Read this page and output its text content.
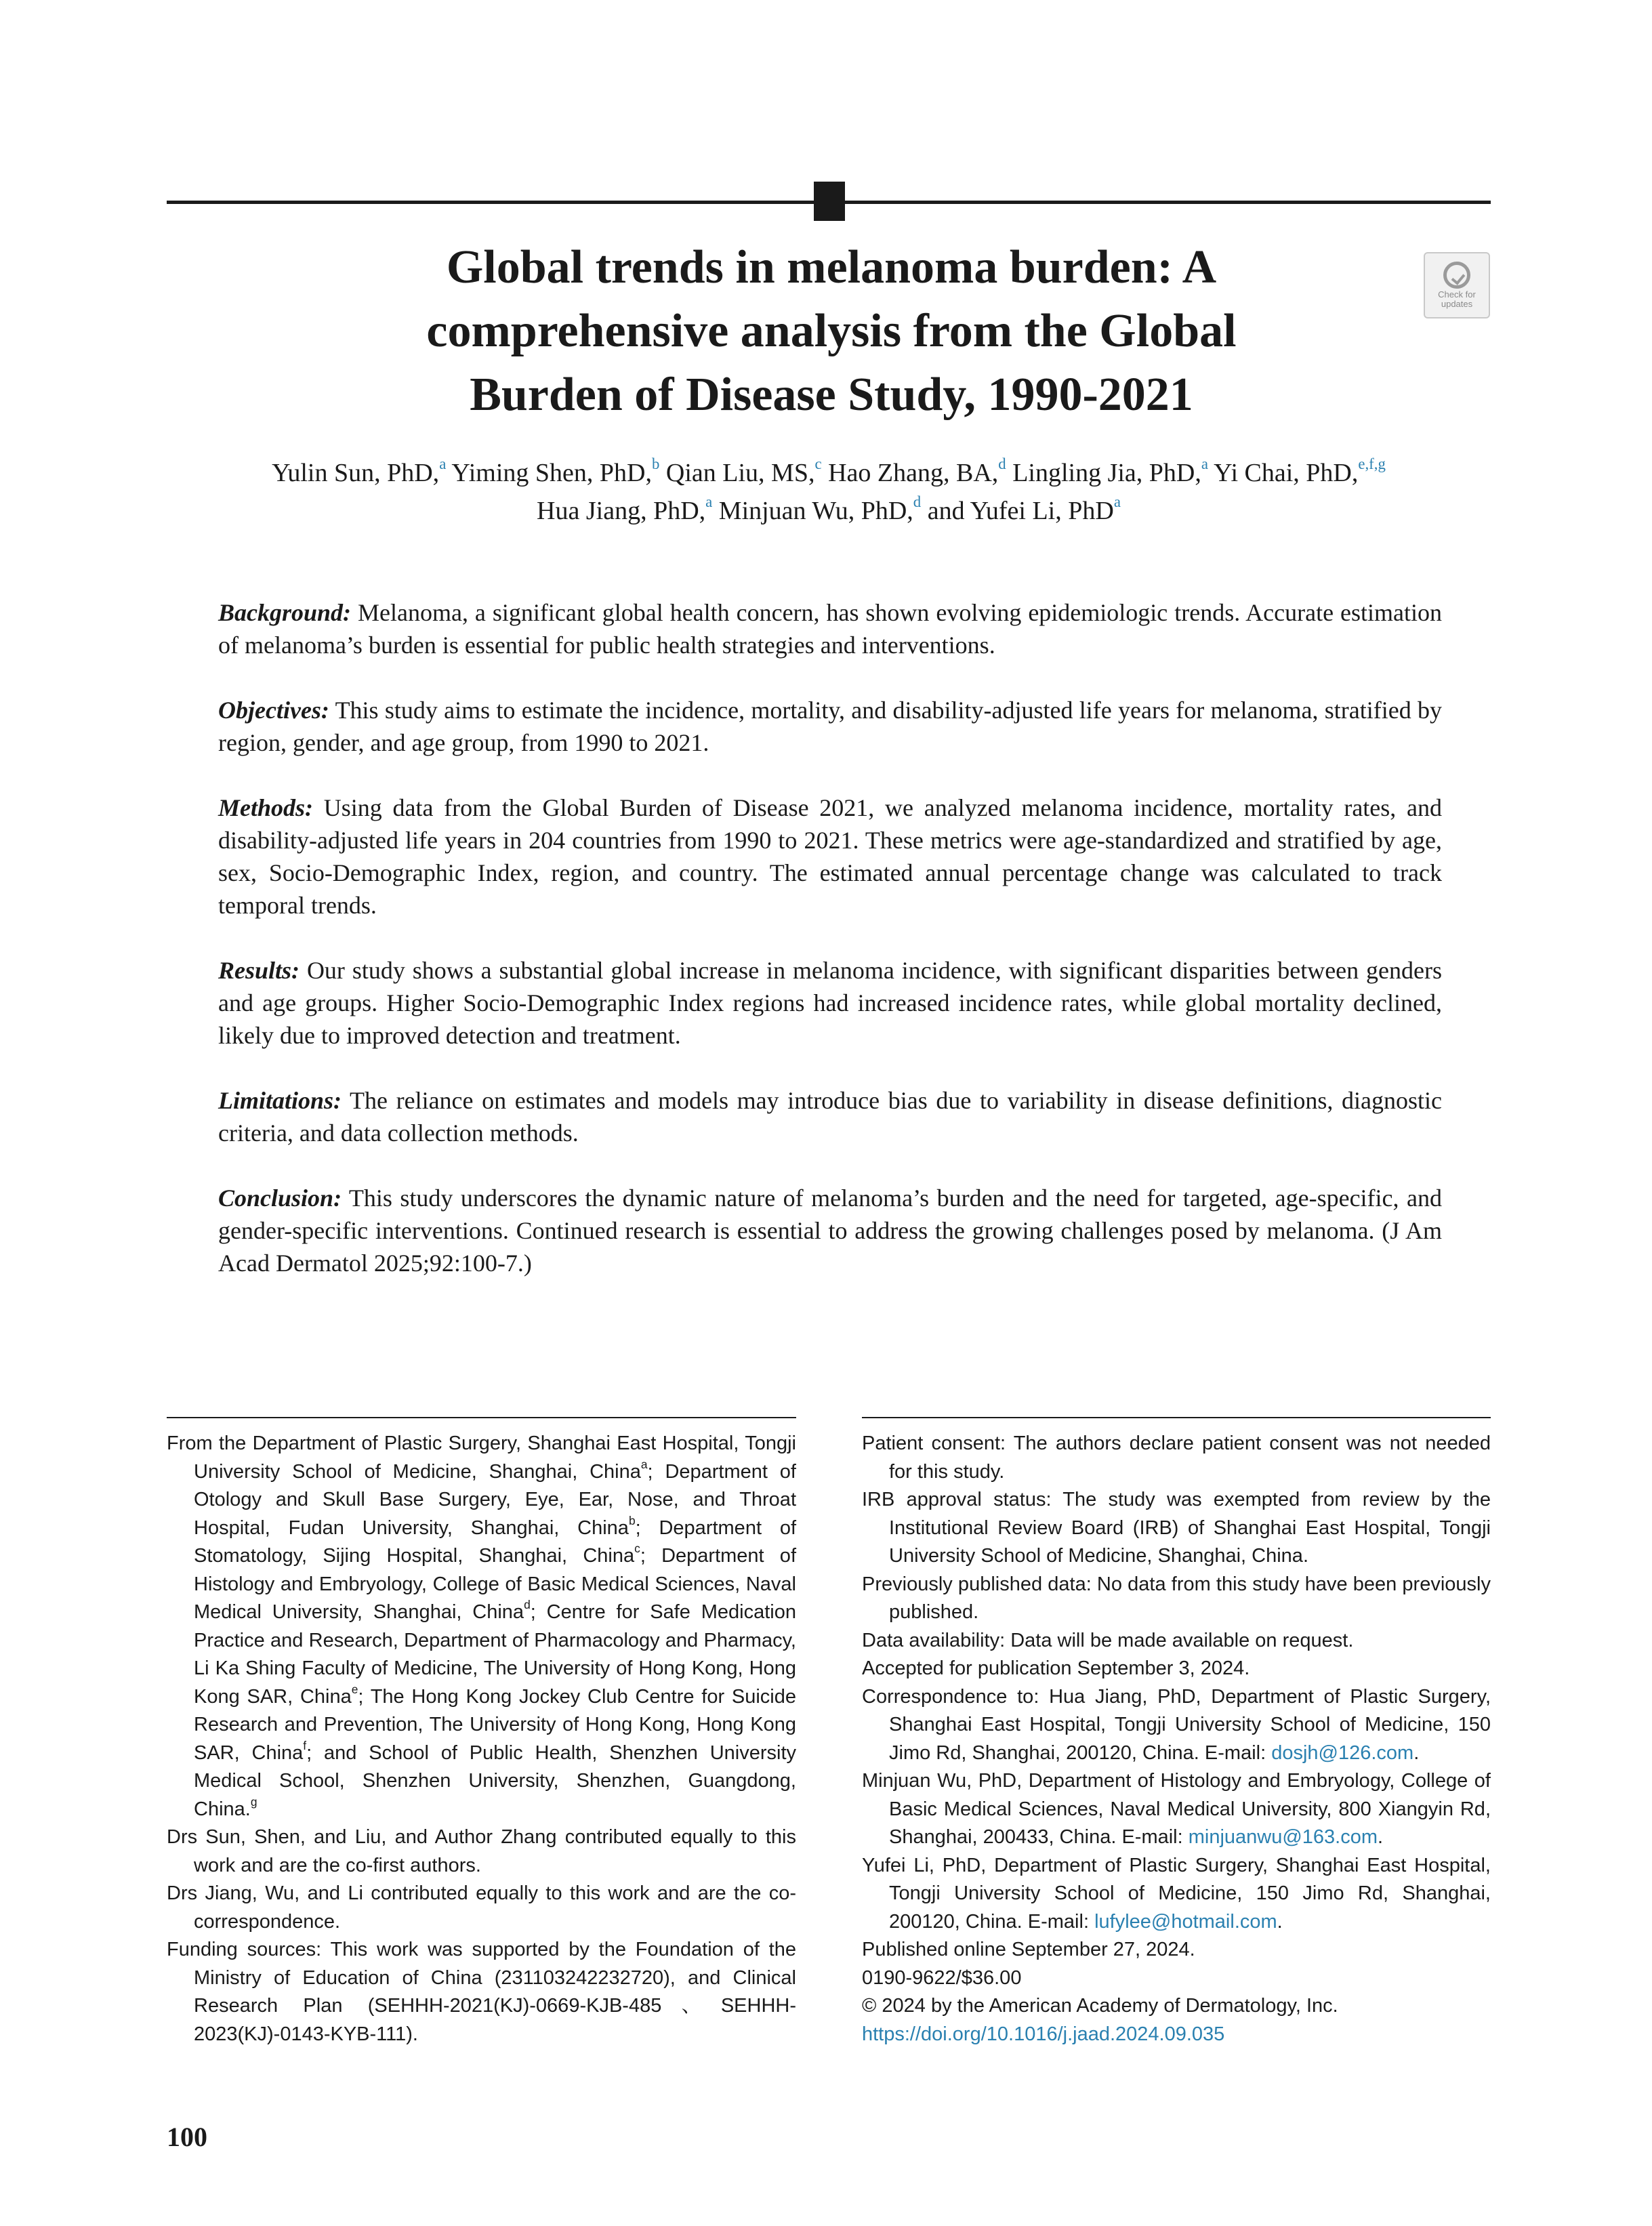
Global trends in melanoma burden: A
comprehensive analysis from the Global
Burden of Disease Study, 1990-2021
Check for
updates
Yulin Sun, PhD,$^a$ Yiming Shen, PhD,$^b$ Qian Liu, MS,$^c$ Hao Zhang, BA,$^d$ Lingling Jia, PhD,$^a$ Yi Chai, PhD,$^{e,f,g}$
Hua Jiang, PhD,$^a$ Minjuan Wu, PhD,$^d$ and Yufei Li, PhD$^a$

Background: Melanoma, a significant global health concern, has shown evolving epidemiologic trends. Accurate estimation of melanoma’s burden is essential for public health strategies and interventions.

Objectives: This study aims to estimate the incidence, mortality, and disability-adjusted life years for melanoma, stratified by region, gender, and age group, from 1990 to 2021.

Methods: Using data from the Global Burden of Disease 2021, we analyzed melanoma incidence, mortality rates, and disability-adjusted life years in 204 countries from 1990 to 2021. These metrics were age-standardized and stratified by age, sex, Socio-Demographic Index, region, and country. The estimated annual percentage change was calculated to track temporal trends.

Results: Our study shows a substantial global increase in melanoma incidence, with significant disparities between genders and age groups. Higher Socio-Demographic Index regions had increased incidence rates, while global mortality declined, likely due to improved detection and treatment.

Limitations: The reliance on estimates and models may introduce bias due to variability in disease definitions, diagnostic criteria, and data collection methods.

Conclusion: This study underscores the dynamic nature of melanoma’s burden and the need for targeted, age-specific, and gender-specific interventions. Continued research is essential to address the growing challenges posed by melanoma. (J Am Acad Dermatol 2025;92:100-7.)

From the Department of Plastic Surgery, Shanghai East Hospital, Tongji University School of Medicine, Shanghai, China$^a$; Department of Otology and Skull Base Surgery, Eye, Ear, Nose, and Throat Hospital, Fudan University, Shanghai, China$^b$; Department of Stomatology, Sijing Hospital, Shanghai, China$^c$; Department of Histology and Embryology, College of Basic Medical Sciences, Naval Medical University, Shanghai, China$^d$; Centre for Safe Medication Practice and Research, Department of Pharmacology and Pharmacy, Li Ka Shing Faculty of Medicine, The University of Hong Kong, Hong Kong SAR, China$^e$; The Hong Kong Jockey Club Centre for Suicide Research and Prevention, The University of Hong Kong, Hong Kong SAR, China$^f$; and School of Public Health, Shenzhen University Medical School, Shenzhen University, Shenzhen, Guangdong, China.$^g$

Drs Sun, Shen, and Liu, and Author Zhang contributed equally to this work and are the co-first authors.

Drs Jiang, Wu, and Li contributed equally to this work and are the co-correspondence.

Funding sources: This work was supported by the Foundation of the Ministry of Education of China (231103242232720), and Clinical Research Plan (SEHHH-2021(KJ)-0669-KJB-485、SEHHH-2023(KJ)-0143-KYB-111).

Patient consent: The authors declare patient consent was not needed for this study.

IRB approval status: The study was exempted from review by the Institutional Review Board (IRB) of Shanghai East Hospital, Tongji University School of Medicine, Shanghai, China.

Previously published data: No data from this study have been previously published.

Data availability: Data will be made available on request.

Accepted for publication September 3, 2024.

Correspondence to: Hua Jiang, PhD, Department of Plastic Surgery, Shanghai East Hospital, Tongji University School of Medicine, 150 Jimo Rd, Shanghai, 200120, China. E-mail: dosjh@126.com.

Minjuan Wu, PhD, Department of Histology and Embryology, College of Basic Medical Sciences, Naval Medical University, 800 Xiangyin Rd, Shanghai, 200433, China. E-mail: minjuanwu@163.com.

Yufei Li, PhD, Department of Plastic Surgery, Shanghai East Hospital, Tongji University School of Medicine, 150 Jimo Rd, Shanghai, 200120, China. E-mail: lufylee@hotmail.com.

Published online September 27, 2024.

0190-9622/$36.00

© 2024 by the American Academy of Dermatology, Inc.

https://doi.org/10.1016/j.jaad.2024.09.035

100
